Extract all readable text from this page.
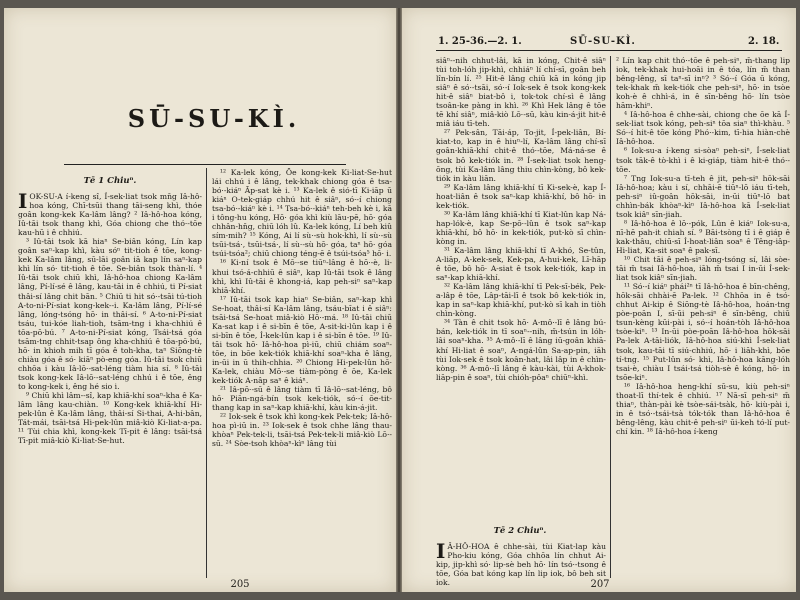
SŪ-SU-KÌ.
Tē 1 Chiuⁿ.

IOK-SU-A í-keng sî, Í-sek-liat tsok mn̄g Iâ-hô-hoa kóng, Chī-tsūi thang tāi-seng khì, thóe goân kong-kek Ka-lâm lâng? ² Iâ-hô-hoa kóng, Iû-tāi tsok thang khì, Góa chiong che thó·-tōe kau-hū i ê chhiú.

³ Iû-tāi tsok kā hiaⁿ Se-biân kóng, Lín kap goân saⁿ-kap khì, kàu sóⁿ tit-tioh ê tōe, kong-kek Ka-lâm lâng, sū-lāi goân iā kap lín saⁿ-kap khì lín só· tit-tioh ê tōe. Se-biân tsok thàn-lí. ⁴ Iû-tāi tsok chiū khì, Iâ-hô-hoa chiong Ka-lâm lâng, Pí-lí-sé ê lâng, kau-tāi in ê chhiú, ti Pí-siat thâi-sí lâng chit bān. ⁵ Chiū ti hit só·-tsāi tú-tioh A-to-ni-Pí-siat kong-kek--i. Ka-lâm lâng, Pí-lí-sé lâng, lóng-tsóng hō· in thâi-sí. ⁶ A-to-ni-Pí-siat tsáu, tui-kóe liah-tioh, tsām-tng i kha-chhiú ê tōa-pō·bú. ⁷ A-to-ni-Pí-siat kóng, Tsái-tsá góa tsām-tng chhit-tsap ông kha-chhiú ê tōa-pō·bú, hō· in khioh mih tī góa ê toh-kha, taⁿ Siōng-tè chiàu góa ê só· kiāⁿ pò-eng góa. Iû-tāi tsok chiū chhōa i kàu Iâ-lō·-sat-léng tiàm hia sí. ⁸ Iû-tāi tsok kong-kek Iâ-lō·-sat-léng chhú i ê tōe, êng to kong-kek i, êng hé sio i.

⁹ Chiū khì lâm--sî, kap khiā-khí soaⁿ-kha ê Ka-lâm lâng kau-chiàn. ¹⁰ Kong-kek khiā-khí Hi-pek-lûn ê Ka-lâm lâng, thâi-sí Si-thai, A-hi-bân, Tát-mái, tsāi-tsá Hi-pek-lûn miâ-kiò Ki-liat-a-pa. ¹¹ Tùi chia khì, kong-kek Tī-pit ê lâng: tsāi-tsá Tī-pit miâ-kiò Ki-liat-Se-hut.

¹² Ka-lek kóng, Ōe kong-kek Ki-liat-Se-hut lái chhú i ê lâng, tek-khak chiong góa ê tsa-bó·-kiáⁿ Āp-sat kè i. ¹³ Ka-lek ê sió-tī Ki-iāp ū kiáⁿ O-tek-giáp chhú hit ê siâⁿ, só·-í chiong tsa-bó·-kiáⁿ kè i. ¹⁴ Tsa-bó·-kiáⁿ teh-beh kè i, kā i tông-hu kóng, Hō· góa khì kiù lāu-pē, hō· góa chhân-hn̄g, chiū lóh lû. Ka-lek kóng, Lí beh kiû sím-mih? ¹⁵ Kóng, Ai lí sù·-sù hok-khì, lí sù·-sù tsūi-tsá·, tsūi-tsá·, lí sù·-sù hō· góa, taⁿ hō· góa tsúi-tsóa²; chiū chiong téng-ē ê tsúi-tsóa⁵ hō· i.

¹⁶ Ki-ní tsok ê Mō·-se tiūⁿ-lâng ê hō·-è, li-khui tsó-á-chhiū ê siâⁿ, kap Iû-tāi tsok ê lâng khì, khì Iû-tāi ê khong-iá, kap peh-siⁿ saⁿ-kap khiā-khí.

¹⁷ Iû-tāi tsok kap hiaⁿ Se-biân, saⁿ-kap khì Se-hoat, thâi-sí Ka-lâm lâng, tsáu-bīat i ê siâⁿ: tsāi-tsá Se-hoat miâ-kiò Hō·-má. ¹⁸ Iû-tāi chiū Ka-sat kap i ê si-bīn ê tōe, A-sit-ki-lûn kap i ê si-bīn ê tōe, Í-kek-lûn kap i ê si-bīn ê tōe. ¹⁹ Iû-tāi tsok hō· Iâ-hô-hoa pì-iū, chiū chiám soaⁿ-tōe, in bōe kek-tiók khiā-khí soaⁿ-kha ê lâng, in-ūi in ū thih-chhia. ²⁰ Chiong Hi-pek-lûn hō· Ka-lek, chiàu Mō·-se tiàm-pòng ê ōe, Ka-lek kek-tiók A-nâp saⁿ ê kiáⁿ.

²¹ Iâ-pō·-sū ê lâng tiàm tī Iâ-lō·-sat-léng, bô hō· Piān-ngá-bín tsok kek-tiók, só·-í ōe-tit-thang kap in saⁿ-kap khiā-khí, kàu kin-á-jit.

²² Iok-sek ê tsok khì kong-kek Pek-tek; Iâ-hô-hoa pì-iū in. ²³ Iok-sek ê tsok chhe lâng thau-khòaⁿ Pek-tek-li, tsāi-tsá Pek-tek-li miâ-kiò Lō·-sū. ²⁴ Sòe-tsoh khòaⁿ-kìⁿ lâng tùi

205
1. 25-36.—2. 1.	SŪ-SU-KÌ.	2. 18.

siâⁿ--nih chhut-lâi, kā in kóng, Chit-ê siâⁿ tùi toh-lóh jip-khì, chhiáⁿ lí chí-sī, goân beh lîn-bín lí. ²⁵ Hit-ê lâng chiū kā in kóng jip siâⁿ ê só·-tsāi, só·-í Iok-sek ê tsok kong-kek hit-ê siâⁿ biat-bô i, tok-tok chí-sì ê lâng tsoân-ke pàng in khì. ²⁶ Khì Hek lâng ê tōe tē khí siâⁿ, miâ-kiò Lō·-sū, kàu kin-á-jit hit-ê miâ iáu tī-teh.

²⁷ Pek-sân, Tāi-áp, To-jit, Í-pek-liân, Bí-kiat-to, kap in ê hiuⁿ-lí, Ka-lâm lâng chí-sī goân-khiā-khí chit-ê thó·-tōe, Má-ná-se ê tsok bô kek-tiók in. ²⁸ Í-sek-liat tsok heng-ōng, tùi Ka-lâm lâng thiu chìn-kòng, bô kek-tiók in kàu liān.

²⁹ Ka-lâm lâng khiā-khí tī Ki-sek-è, kap Í-hoat-liân ê tsok saⁿ-kap khiā-khí, bô hō· in kek-tiók.

³⁰ Ka-lâm lâng khiā-khí tī Kiat-lûn kap Ná-hap-lók-è, kap Se-pō·-lûn ê tsok saⁿ-kap khiā-khí, bô hō· in kek-tiók, put-kò sī chìn-kòng in.

³¹ Ka-lâm lâng khiā-khí tī A-khó, Se-tûn, A-liāp, A-kek-sek, Kek-pa, A-hui-kek, Lī-hāp ê tōe, bô hō· A-siat ê tsok kek-tiók, kap in saⁿ-kap khiā-khí.

³² Ka-lâm lâng khiā-khí tī Pek-sī-bék, Pek-a-lâp ê tōe, Lâp-tāi-lī ê tsok bô kek-tiók in, kap in saⁿ-kap khiā-khí, put-kò sī kah in tiòh chìn-kòng.

³⁴ Tàn ê chit tsok hō· A-mô·-lī ê lâng bú-bán, kek-tiók in tī soaⁿ--nih, m̄-tsún in lóh-lâi soaⁿ-kha. ³⁵ A-mô·-lī ê lâng iū-goân khiā-khí Hi-liat ê soaⁿ, A-ngá-lûn Sa-ap-pin, iāh tùi Iok-sek ê tsok koân-hat, lâi lâp in ê chìn-kòng. ³⁶ A-mô·-lī lâng ê kàu-kài, tùi A-khok-liāp-pin ê soaⁿ, tùi chióh-pôaⁿ chiūⁿ-khì.

Tē 2 Chiuⁿ.

I Â-HÔ-HOA ê chhe-sài, tùi Kiat-lap kàu Pho-kiu kóng, Góa chhōa lín chhut Ai-kip, jip-khì só· lip-sè beh hō· lín tsó·-tsong ê tōe, Góa bat kóng kap lín lip iok, bô beh sit iok.

² Lín kap chit thó·-tōe ê peh-siⁿ, m̄-thang lip iok, tek-khak hui-hoāi in ê tóa, lín m̄ than bêng-lêng, sī taⁿ-sī inⁿ? ³ Só·-í Góa ū kóng, tek-khak m̄ kek-tiók che peh-siⁿ, hō· in tsòe koh-è ê chhì-á, in ê sīn-bêng hō· lín tsòe hām-khiⁿ.

⁴ Iâ-hô-hoa ê chhe-sài, chiong che ōe kā Í-sek-liat tsok kóng, peh-siⁿ tōa siaⁿ thì-khàu. ⁵ Só·-í hit-ê tōe kóng Phó·-kim, tī-hia hiàn-chè Iâ-hô-hoa.

⁶ Iok-su-a í-keng si-sòaⁿ peh-siⁿ, Í-sek-liat tsok tāk-ê tò-khì i ê ki-giáp, tiàm hit-ê thó·-tōe.

⁷ Tng Iok-su-a tī-teh ê jit, peh-siⁿ hōk-sāi Iâ-hô-hoa; kàu i sí, chhāi-ē tiūⁿ-lō iáu tī-teh, peh-siⁿ iû-goân hōk-sāi, in-ūi tiūⁿ-lō bat chhìn-bák khòaⁿ-kìⁿ Iâ-hô-hoa kā Í-sek-liat tsok kiâⁿ sīn-jiah.

⁸ Iâ-hô-hoa ê lō·-pók, Lûn ê kiáⁿ Iok-su-a, nī-hē pah-it chiah sí. ⁹ Bāi-tsòng tī i ê giáp ê kak-thâu, chiū-sī Í-hoat-liân soaⁿ ê Têng-iâp-Hi-liat, Ka-sit soaⁿ ê pak-sī.

¹⁰ Chit tāi ê peh-siⁿ lóng-tsóng sí, lâi sòe-tāi m̄ tsai Iâ-hô-hoa, iāh m̄ tsai I in-ūi Í-sek-liat tsok kiâⁿ sīn-jiah.

¹¹ Só·-í kiáⁿ phái²ⁿ tī Iâ-hô-hoa ê bīn-chêng, hōk-sāi chhài-ē Pa-lek. ¹² Chhōa in ê tsó· chhut Ai-kip ê Siōng-tè Iâ-hô-hoa, hoán-tng pòe-poān I, sī-ūi peh-siⁿ ê sīn-bêng, chiū tsun-kèng kūi-pài i, só·-í hoán-tòh Iâ-hô-hoa tsòe-kiⁿ. ¹³ In-ūi pòe-poān Iâ-hô-hoa hōk-sāi Pa-lek A-tāi-liók, Iâ-hô-hoa siú-khì Í-sek-liat tsok, kau-tāi tī siú-chhiú, hō· i liāh-khì, bōe tí-tng. ¹⁵ Put-lûn só· khì, Iâ-hô-hoa kāng-lóh tsai-è, chiàu I tsái-tsá tiòh-sè ê kóng, hō· in tsōe-kiⁿ.

¹⁶ Iâ-hô-hoa heng-khí sū-su, kiù peh-siⁿ thoat-lī thí-tek ê chhiú. ¹⁷ Nā-sī peh-siⁿ m̄ thiaⁿ, thàn-pài kè tsòe-sái-tsàk, hō· kiù-pài i, in ê tsó·-tsái-tsà tók-tók than Iâ-hô-hoa ê bêng-lêng, kàu chit-ê peh-siⁿ ūi-keh tó-lí put-chí kin. ¹⁸ Iâ-hô-hoa í-keng

207
